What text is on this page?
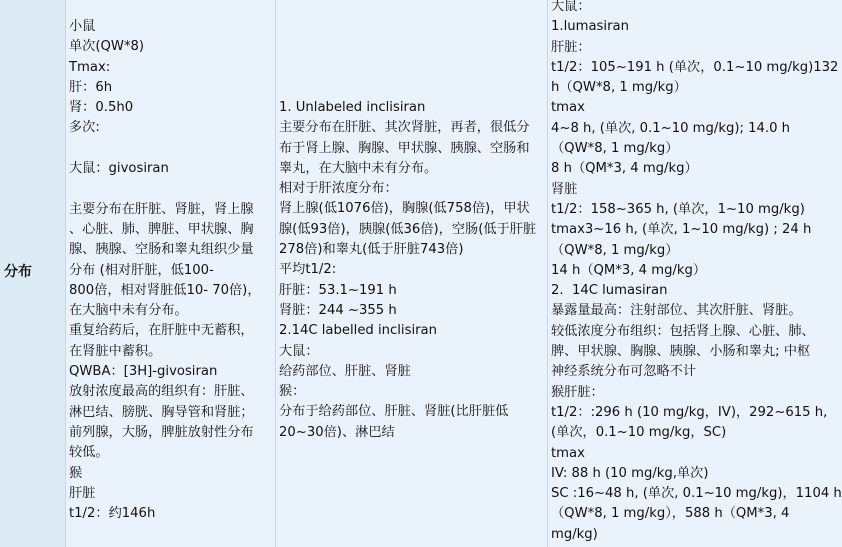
分布
小鼠
单次(QW*8)
Tmax:
肝：6h
肾：0.5h0
多次:

大鼠：givosiran

主要分布在肝脏、肾脏，肾上腺
、心脏、肺、脾脏、甲状腺、胸
腺、胰腺、空肠和睾丸组织少量
分布 (相对肝脏，低100-
800倍，相对肾脏低10- 70倍)，
在大脑中未有分布。
重复给药后，在肝脏中无蓄积，
在肾脏中蓄积。
QWBA：[3H]-givosiran
放射浓度最高的组织有：肝脏、
淋巴结、膀胱、胸导管和肾脏；
前列腺，大肠，脾脏放射性分布
较低。
猴
肝脏
t1/2：约146h
1. Unlabeled inclisiran
主要分布在肝脏、其次肾脏，再者，很低分
布于肾上腺、胸腺、甲状腺、胰腺、空肠和
睾丸，在大脑中未有分布。
相对于肝浓度分布：
肾上腺(低1076倍)，胸腺(低758倍)，甲状
腺(低93倍)，胰腺(低36倍)，空肠(低于肝脏
278倍)和睾丸(低于肝脏743倍)
平均t1/2:
肝脏：53.1~191 h
肾脏：244 ~355 h
2.14C labelled inclisiran
大鼠：
给药部位、肝脏、肾脏
猴：
分布于给药部位、肝脏、肾脏(比肝脏低
20~30倍)、淋巴结
大鼠：
1.lumasiran
肝脏：
t1/2：105~191 h (单次，0.1~10 mg/kg)132
h（QW*8, 1 mg/kg）
tmax
4~8 h, (单次, 0.1~10 mg/kg); 14.0 h
（QW*8, 1 mg/kg）
8 h（QM*3, 4 mg/kg）
肾脏
t1/2：158~365 h, (单次，1~10 mg/kg)
tmax3~16 h, (单次, 1~10 mg/kg) ; 24 h
（QW*8, 1 mg/kg）
14 h（QM*3, 4 mg/kg）
2.  14C lumasiran
暴露量最高：注射部位、其次肝脏、肾脏。
较低浓度分布组织：包括肾上腺、心脏、肺、
脾、甲状腺、胸腺、胰腺、小肠和睾丸; 中枢
神经系统分布可忽略不计
猴肝脏：
t1/2：:296 h (10 mg/kg，IV)，292~615 h,
(单次，0.1~10 mg/kg，SC)
tmax
IV: 88 h (10 mg/kg,单次)
SC :16~48 h, (单次, 0.1~10 mg/kg)，1104 h
（QW*8, 1 mg/kg），588 h（QM*3, 4
mg/kg)
